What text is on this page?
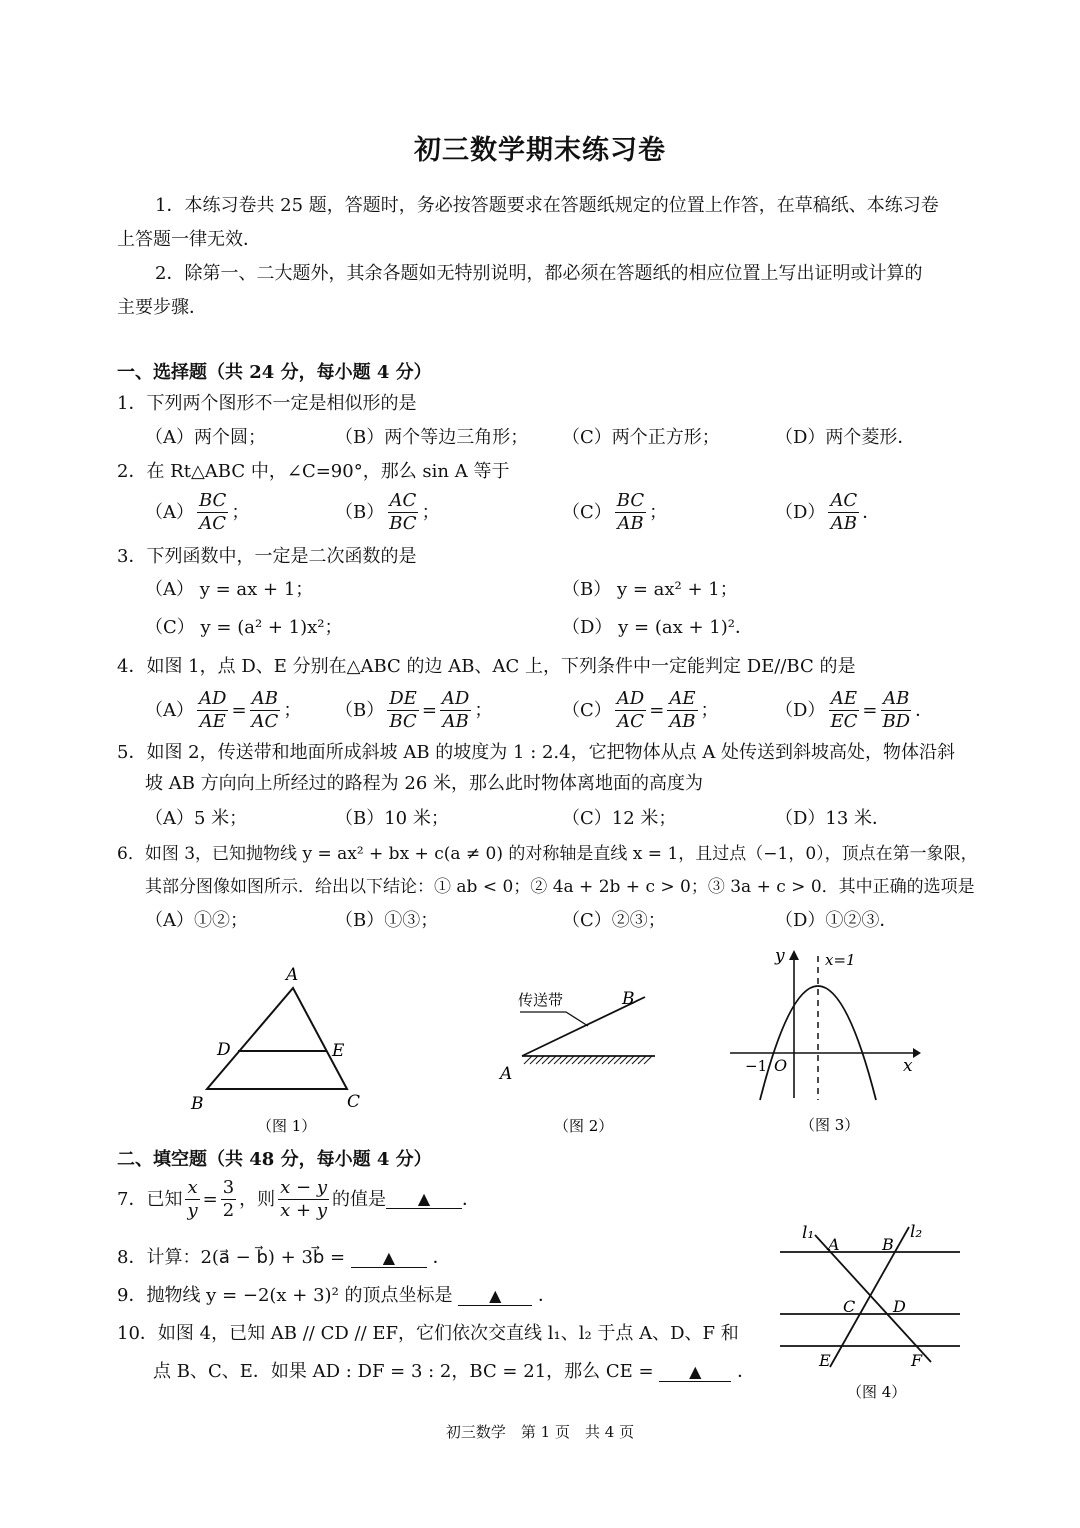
初三数学期末练习卷
1．本练习卷共 25 题，答题时，务必按答题要求在答题纸规定的位置上作答，在草稿纸、本练习卷
上答题一律无效．
2．除第一、二大题外，其余各题如无特别说明，都必须在答题纸的相应位置上写出证明或计算的
主要步骤．
一、选择题（共 24 分，每小题 4 分）
1．下列两个图形不一定是相似形的是
（A）两个圆；	（B）两个等边三角形； （C）两个正方形；	（D）两个菱形．
2．在 Rt△ABC 中，∠C=90°，那么 sin A 等于
$(A) \frac{BC}{AC}$ ；	$(B) \frac{AC}{BC}$ ；	$(C) \frac{BC}{AB}$ ；	$(D) \frac{AC}{AB}$ ．
3．下列函数中，一定是二次函数的是
（A） y = ax + 1；	（B） y = ax² + 1；
（C） y = (a² + 1)x²；	（D） y = (ax + 1)²．
4．如图 1，点 D、E 分别在△ABC 的边 AB、AC 上，下列条件中一定能判定 DE//BC 的是
$(A) \frac{AD}{AE} = \frac{AB}{AC}$ ； $(B) \frac{DE}{BC} = \frac{AD}{AB}$ ；	$(C) \frac{AD}{AC} = \frac{AE}{AB}$ ；	$(D) \frac{AE}{EC} = \frac{AB}{BD}$ ．
5．如图 2，传送带和地面所成斜坡 AB 的坡度为 1 : 2.4，它把物体从点 A 处传送到斜坡高处，物体沿斜
坡 AB 方向向上所经过的路程为 26 米，那么此时物体离地面的高度为
（A）5 米；	（B）10 米；	（C）12 米；	（D）13 米．
6．如图 3，已知抛物线 y = ax² + bx + c(a ≠ 0) 的对称轴是直线 x = 1，且过点（−1，0），顶点在第一象限，
其部分图像如图所示．给出以下结论：① ab < 0；② 4a + 2b + c > 0；③ 3a + c > 0．其中正确的选项是
（A）①②；	（B）①③；	（C）②③；	（D）①②③．
A
D	E
B	C
（图 1）
传送带	B
A
（图 2）
y	x=1
−1 O	x
（图 3）
二、填空题（共 48 分，每小题 4 分）
7．已知 $\frac{x}{y} = \frac{3}{2}$ ，则 $\frac{x - y}{x + y}$ 的值是	▲	．
8．计算：2(a⃗ − b⃗) + 3b⃗ = ▲ ．
9．抛物线 y = −2(x + 3)² 的顶点坐标是 ▲ ．
10．如图 4，已知 AB // CD // EF，它们依次交直线 l₁、l₂ 于点 A、D、F 和
点 B、C、E．如果 AD : DF = 3 : 2，BC = 21，那么 CE = ▲ ．
l₁	l₂
A	B
C D
E	F
（图 4）
初三数学　第 1 页　共 4 页
